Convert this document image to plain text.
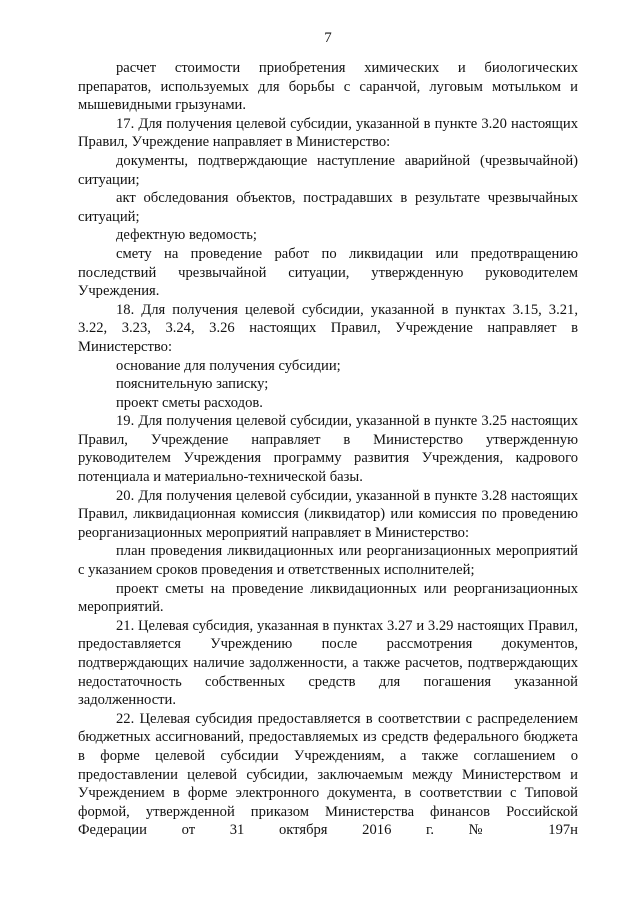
7

расчет стоимости приобретения химических и биологических препаратов, используемых для борьбы с саранчой, луговым мотыльком и мышевидными грызунами.

17. Для получения целевой субсидии, указанной в пункте 3.20 настоящих Правил, Учреждение направляет в Министерство:

документы, подтверждающие наступление аварийной (чрезвычайной) ситуации;

акт обследования объектов, пострадавших в результате чрезвычайных ситуаций;

дефектную ведомость;

смету на проведение работ по ликвидации или предотвращению последствий чрезвычайной ситуации, утвержденную руководителем Учреждения.

18. Для получения целевой субсидии, указанной в пунктах 3.15, 3.21, 3.22, 3.23, 3.24, 3.26 настоящих Правил, Учреждение направляет в Министерство:

основание для получения субсидии;

пояснительную записку;

проект сметы расходов.

19. Для получения целевой субсидии, указанной в пункте 3.25 настоящих Правил, Учреждение направляет в Министерство утвержденную руководителем Учреждения программу развития Учреждения, кадрового потенциала и материально-технической базы.

20. Для получения целевой субсидии, указанной в пункте 3.28 настоящих Правил, ликвидационная комиссия (ликвидатор) или комиссия по проведению реорганизационных мероприятий направляет в Министерство:

план проведения ликвидационных или реорганизационных мероприятий с указанием сроков проведения и ответственных исполнителей;

проект сметы на проведение ликвидационных или реорганизационных мероприятий.

21. Целевая субсидия, указанная в пунктах 3.27 и 3.29 настоящих Правил, предоставляется Учреждению после рассмотрения документов, подтверждающих наличие задолженности, а также расчетов, подтверждающих недостаточность собственных средств для погашения указанной задолженности.

22. Целевая субсидия предоставляется в соответствии с распределением бюджетных ассигнований, предоставляемых из средств федерального бюджета в форме целевой субсидии Учреждениям, а также соглашением о предоставлении целевой субсидии, заключаемым между Министерством и Учреждением в форме электронного документа, в соответствии с Типовой формой, утвержденной приказом Министерства финансов Российской Федерации от 31 октября 2016 г. № 197н
